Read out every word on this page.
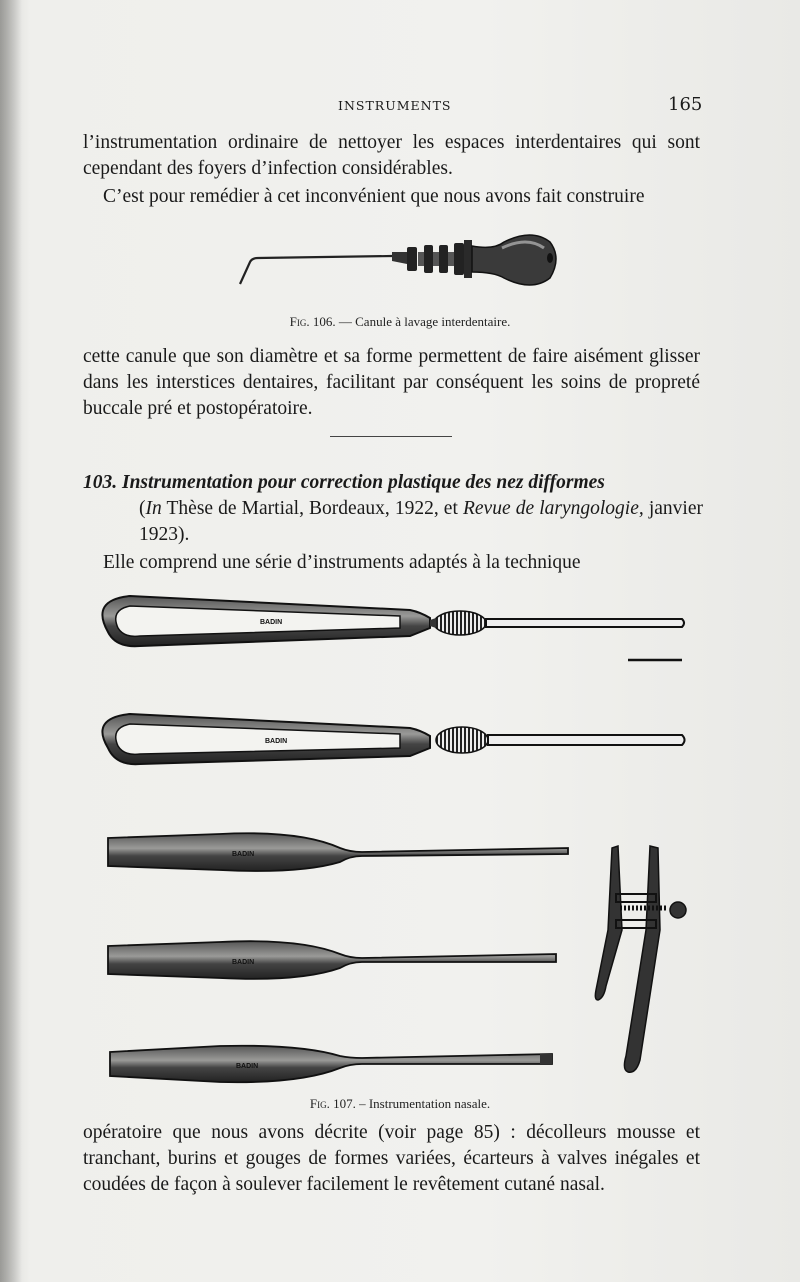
INSTRUMENTS	165

l’instrumentation ordinaire de nettoyer les espaces interdentaires qui sont cependant des foyers d’infection considérables.

C’est pour remédier à cet inconvénient que nous avons fait construire

Fig. 106. — Canule à lavage interdentaire.

cette canule que son diamètre et sa forme permettent de faire aisément glisser dans les interstices dentaires, facilitant par conséquent les soins de propreté buccale pré et postopératoire.

103. Instrumentation pour correction plastique des nez difformes
(In Thèse de Martial, Bordeaux, 1922, et Revue de laryngologie, janvier 1923).

Elle comprend une série d’instruments adaptés à la technique

BADIN
BADIN
BADIN
BADIN
BADIN
Fig. 107. – Instrumentation nasale.

opératoire que nous avons décrite (voir page 85) : décolleurs mousse et tranchant, burins et gouges de formes variées, écarteurs à valves inégales et coudées de façon à soulever facilement le revêtement cutané nasal.
